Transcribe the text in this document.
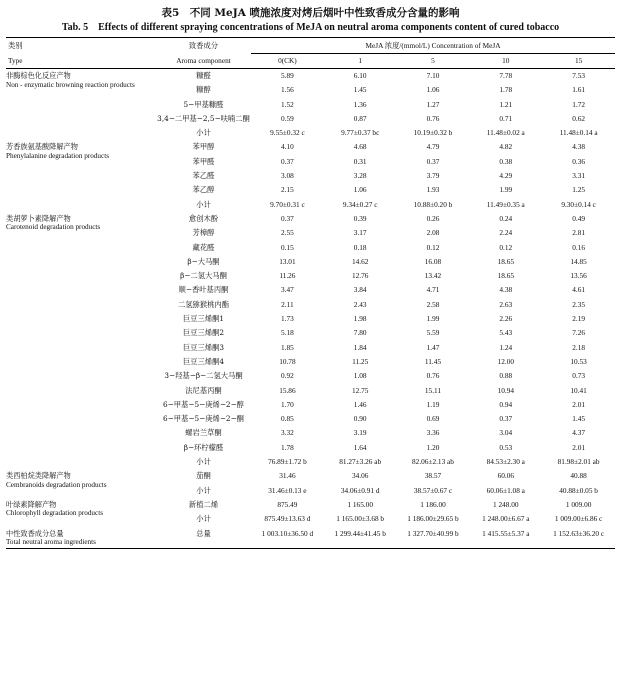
表5　不同 MeJA 喷施浓度对烤后烟叶中性致香成分含量的影响
Tab. 5　Effects of different spraying concentrations of MeJA on neutral aroma components content of cured tobacco
类别	致香成分	MeJA 浓度/(mmol/L) Concentration of MeJA				
Type	Aroma component	0(CK)	1	5	10	15

非酶棕色化反应产物
Non - enzymatic browning reaction products	糠醛	5.89	6.10	7.10	7.78	7.53
	糠醇	1.56	1.45	1.06	1.78	1.61
	5−甲基糠醛	1.52	1.36	1.27	1.21	1.72
	3,4−二甲基−2,5−呋喃二酮	0.59	0.87	0.76	0.71	0.62
	小计	9.55±0.32 c	9.77±0.37 bc	10.19±0.32 b	11.48±0.02 a	11.48±0.14 a

芳香族氨基酸降解产物
Phenylalanine degradation products	苯甲醇	4.10	4.68	4.79	4.82	4.38
	苯甲醛	0.37	0.31	0.37	0.38	0.36
	苯乙醛	3.08	3.28	3.79	4.29	3.31
	苯乙醇	2.15	1.06	1.93	1.99	1.25
	小计	9.70±0.31 c	9.34±0.27 c	10.88±0.20 b	11.49±0.35 a	9.30±0.14 c

类胡萝卜素降解产物
Carotenoid degradation products	愈创木酚	0.37	0.39	0.26	0.24	0.49
	芳樟醇	2.55	3.17	2.08	2.24	2.81
	藏花醛	0.15	0.18	0.12	0.12	0.16
	β−大马酮	13.01	14.62	16.08	18.65	14.85
	β−二氢大马酮	11.26	12.76	13.42	18.65	13.56
	顺−香叶基丙酮	3.47	3.84	4.71	4.38	4.61
	二氢猕猴桃内酯	2.11	2.43	2.58	2.63	2.35
	巨豆三烯酮1	1.73	1.98	1.99	2.26	2.19
	巨豆三烯酮2	5.18	7.80	5.59	5.43	7.26
	巨豆三烯酮3	1.85	1.84	1.47	1.24	2.18
	巨豆三烯酮4	10.78	11.25	11.45	12.00	10.53
	3−羟基−β−二氢大马酮	0.92	1.08	0.76	0.88	0.73
	法尼基丙酮	15.86	12.75	15.11	10.94	10.41
	6−甲基−5−庚烯−2−醇	1.70	1.46	1.19	0.94	2.01
	6−甲基−5−庚烯−2−酮	0.85	0.90	0.69	0.37	1.45
	螺岩兰草酮	3.32	3.19	3.36	3.04	4.37
	β−环柠檬醛	1.78	1.64	1.20	0.53	2.01
	小计	76.89±1.72 b	81.27±3.26 ab	82.06±2.13 ab	84.53±2.30 a	81.98±2.01 ab

类西柏烷类降解产物
Cembranoids degradation products	茄酮	31.46	34.06	38.57	60.06	40.88
	小计	31.46±0.13 e	34.06±0.91 d	38.57±0.67 c	60.06±1.08 a	40.88±0.05 b

叶绿素降解产物
Chlorophyll degradation products	新植二烯	875.49	1 165.00	1 186.00	1 248.00	1 009.00
	小计	875.49±13.63 d	1 165.00±3.68 b	1 186.00±29.65 b	1 248.00±6.67 a	1 009.00±6.86 c

中性致香成分总量
Total neutral aroma ingredients	总量	1 003.10±36.50 d	1 299.44±41.45 b	1 327.70±40.99 b	1 415.55±5.37 a	1 152.63±36.20 c
